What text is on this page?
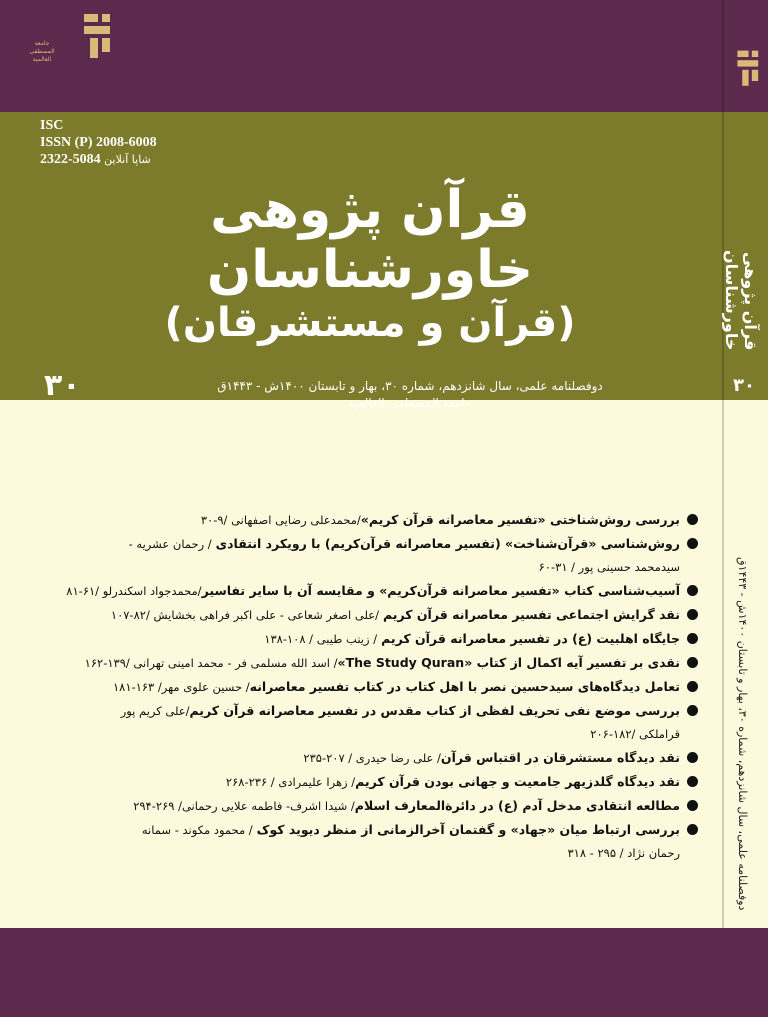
جامعة المصطفی العالمیة
ISC
ISSN (P) 2008-6008
2322-5084 شاپا آنلاین
قرآن پژوهی خاورشناسان
(قرآن و مستشرقان)
۳۰	دوفصلنامه علمی، سال شانزدهم، شماره ۳۰، بهار و تابستان ۱۴۰۰ش - ۱۴۴۳ق
جامعة المصطفی العالمیة
قرآن پژوهی خاورشناسان
۳۰
دوفصلنامه علمی، سال شانزدهم، شماره ۳۰، بهار و تابستان ۱۴۰۰ش - ۱۴۴۳ق
بررسی روش‌شناختی «تفسیر معاصرانه قرآن کریم»/محمدعلی رضایی اصفهانی /۹-۳۰
روش‌شناسی «قرآن‌شناخت» (تفسیر معاصرانه قرآن‌کریم) با رویکرد انتقادی / رحمان عشریه -
سیدمحمد حسینی پور / ۳۱-۶۰
آسیب‌شناسی کتاب «تفسیر معاصرانه قرآن‌کریم» و مقایسه آن با سایر تفاسیر/محمدجواد اسکندرلو /۶۱-۸۱
نقد گرایش اجتماعی تفسیر معاصرانه قرآن کریم /علی اصغر شعاعی - علی اکبر فراهی بخشایش /۸۲-۱۰۷
جایگاه اهلبیت (ع) در تفسیر معاصرانه قرآن کریم / زینب طیبی / ۱۰۸-۱۳۸
نقدی بر تفسیر آیه اکمال از کتاب «The Study Quran»/ اسد الله مسلمی فر - محمد امینی تهرانی /۱۳۹-۱۶۲
تعامل دیدگاه‌های سیدحسین نصر با اهل کتاب در کتاب تفسیر معاصرانه/ حسین علوی مهر/ ۱۶۳-۱۸۱
بررسی موضع نفی تحریف لفظی از کتاب مقدس در تفسیر معاصرانه قرآن کریم/علی کریم پور
قراملکی /۱۸۲-۲۰۶
نقد دیدگاه مستشرقان در اقتباس قرآن/ علی رضا حیدری / ۲۰۷-۲۳۵
نقد دیدگاه گلدزیهر جامعیت و جهانی بودن قرآن کریم/ زهرا علیمرادی / ۲۳۶-۲۶۸
مطالعه انتقادی مدخل آدم (ع) در دائرةالمعارف اسلام/ شیدا اشرف- فاطمه علایی رحمانی/ ۲۶۹-۲۹۴
بررسی ارتباط میان «جهاد» و گفتمان آخرالزمانی از منظر دیوید کوک / محمود مکوند - سمانه
رحمان نژاد / ۲۹۵ - ۳۱۸
